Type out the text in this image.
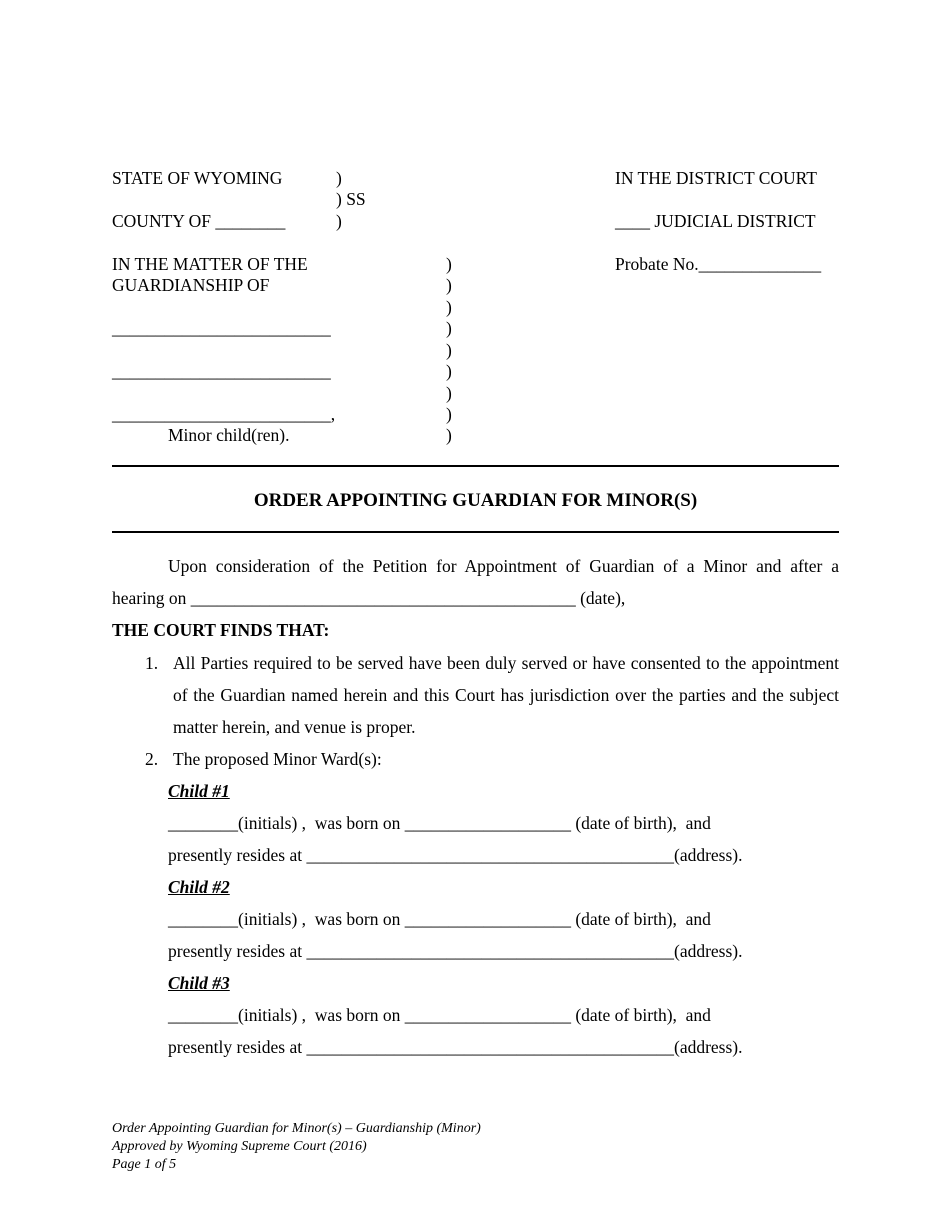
STATE OF WYOMING
COUNTY OF ________
)
) SS
)
IN THE DISTRICT COURT
____ JUDICIAL DISTRICT
Probate No.______________
IN THE MATTER OF THE
GUARDIANSHIP OF
_________________________
_________________________
_________________________,
Minor child(ren).
)
)
)
)
)
)
)
)
)
ORDER APPOINTING GUARDIAN FOR MINOR(S)
Upon consideration of the Petition for Appointment of Guardian of a Minor and after a
hearing on ____________________________________________ (date),
THE COURT FINDS THAT:
1. All Parties required to be served have been duly served or have consented to the appointment of the Guardian named herein and this Court has jurisdiction over the parties and the subject matter herein, and venue is proper.
2. The proposed Minor Ward(s):
Child #1
________(initials) ,  was born on ___________________ (date of birth),  and
presently resides at __________________________________________(address).
Child #2
________(initials) ,  was born on ___________________ (date of birth),  and
presently resides at __________________________________________(address).
Child #3
________(initials) ,  was born on ___________________ (date of birth),  and
presently resides at __________________________________________(address).
Order Appointing Guardian for Minor(s) – Guardianship (Minor)
Approved by Wyoming Supreme Court (2016)
Page 1 of 5
